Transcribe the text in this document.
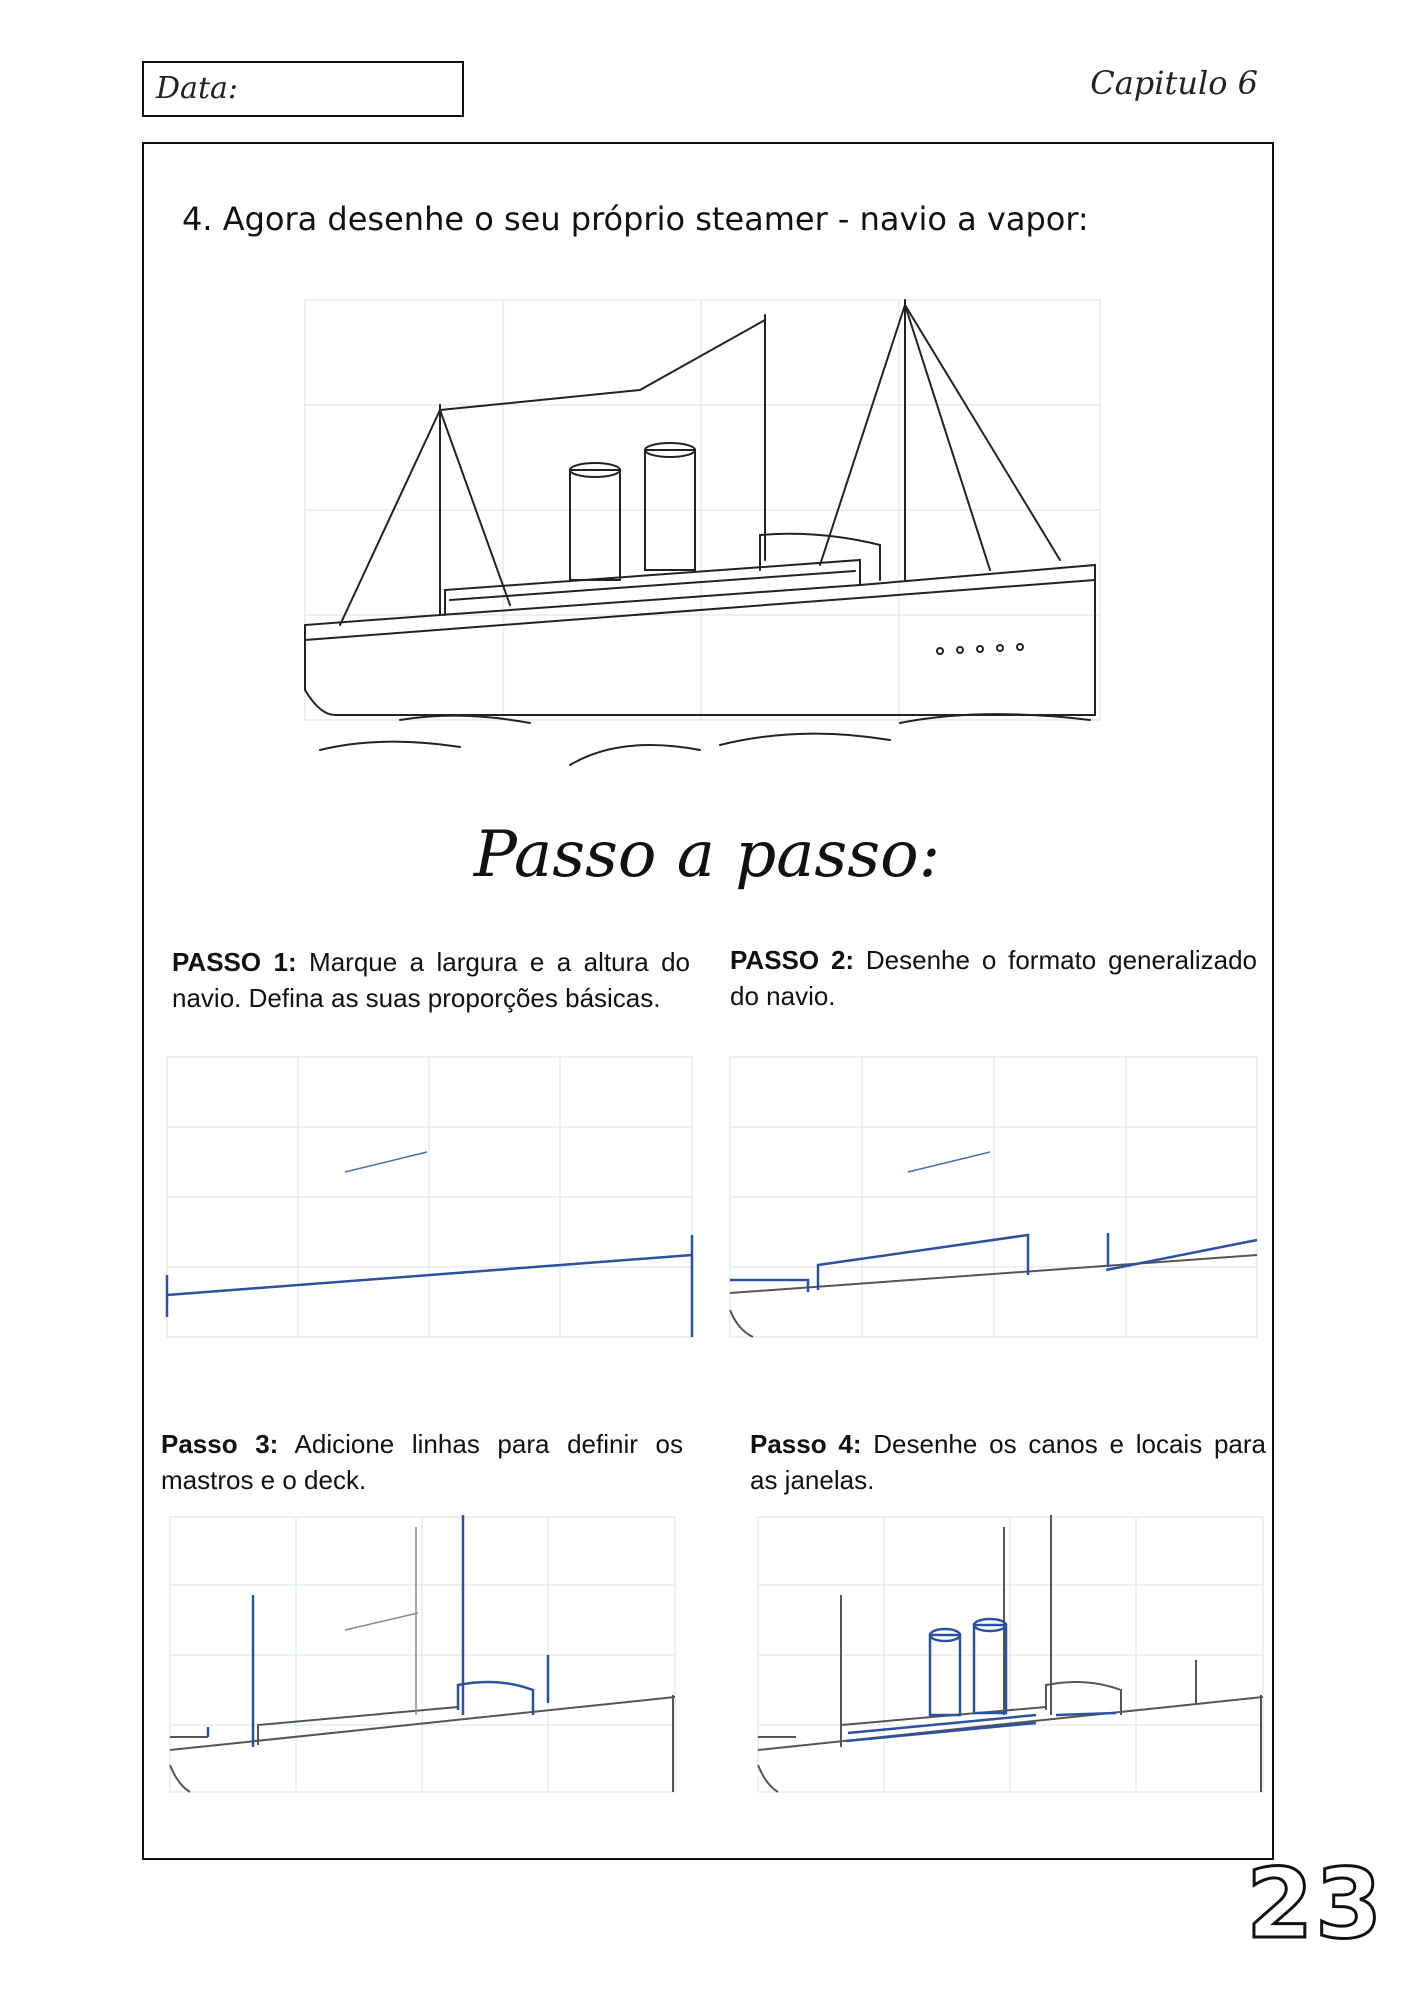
Data:	Capitulo 6
4. Agora desenhe o seu próprio steamer - navio a vapor:
Passo a passo:
PASSO 1: Marque a largura e a altura do navio. Defina as suas proporções básicas.
PASSO 2: Desenhe o formato generalizado do navio.
Passo 3: Adicione linhas para definir os mastros e o deck.
Passo 4: Desenhe os canos e locais para as janelas.
23
